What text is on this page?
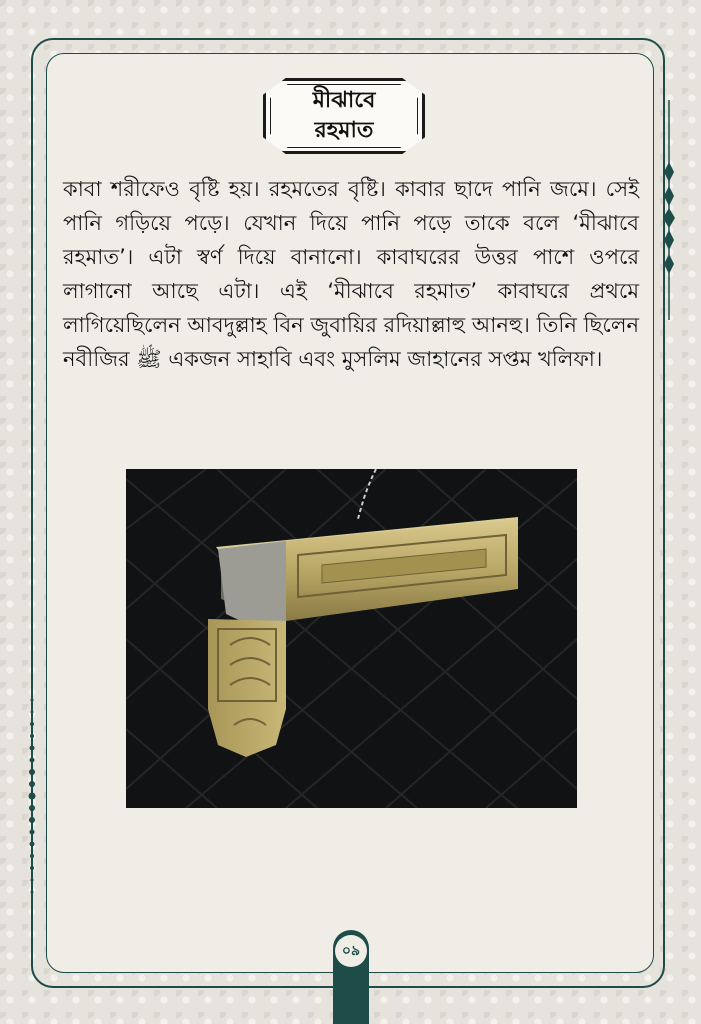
মীঝাবে
রহমাত

কাবা শরীফেও বৃষ্টি হয়। রহমতের বৃষ্টি। কাবার ছাদে পানি জমে। সেই পানি গড়িয়ে পড়ে। যেখান দিয়ে পানি পড়ে তাকে বলে ‘মীঝাবে রহমাত’। এটা স্বর্ণ দিয়ে বানানো। কাবাঘরের উত্তর পাশে ওপরে লাগানো আছে এটা। এই ‘মীঝাবে রহমাত’ কাবাঘরে প্রথমে লাগিয়েছিলেন আবদুল্লাহ বিন জুবায়ির রদিয়াল্লাহু আনহু। তিনি ছিলেন নবীজির ﷺ একজন সাহাবি এবং মুসলিম জাহানের সপ্তম খলিফা।

০৯
